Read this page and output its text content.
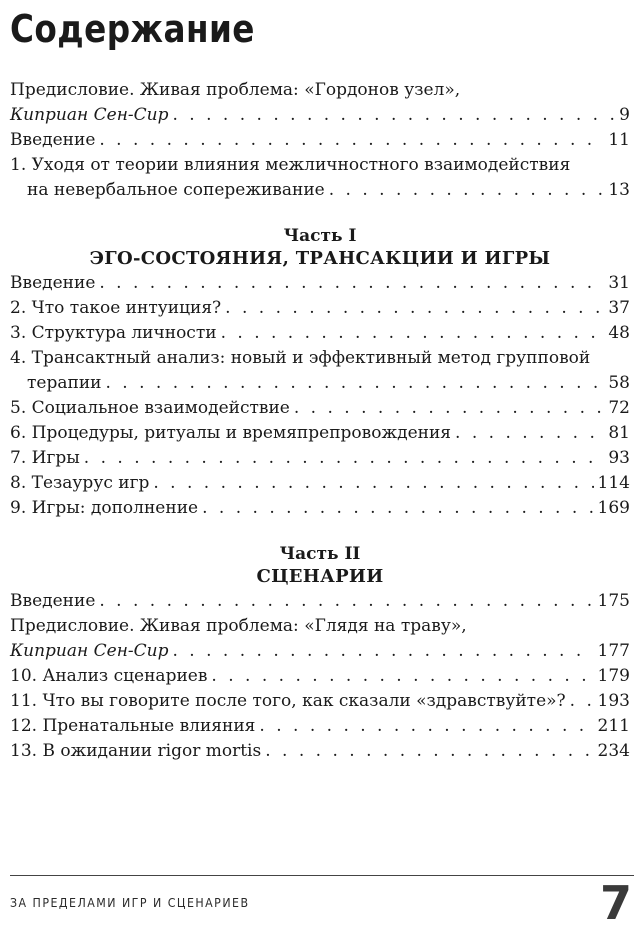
Содержание
Предисловие. Живая проблема: «Гордонов узел»,
Киприан Сен-Сир . . .	9
Введение . . .	11
1. Уходя от теории влияния межличностного взаимодействия
на невербальное сопереживание . . .	13
Часть I
ЭГО-СОСТОЯНИЯ, ТРАНСАКЦИИ И ИГРЫ
Введение . . .	31
2. Что такое интуиция? . . .	37
3. Структура личности . . .	48
4. Трансактный анализ: новый и эффективный метод групповой
терапии . . .	58
5. Социальное взаимодействие . . .	72
6. Процедуры, ритуалы и времяпрепровождения . . .	81
7. Игры . . .	93
8. Тезаурус игр . . .	114
9. Игры: дополнение . . .	169
Часть II
СЦЕНАРИИ
Введение . . .	175
Предисловие. Живая проблема: «Глядя на траву»,
Киприан Сен-Сир . . .	177
10. Анализ сценариев . . .	179
11. Что вы говорите после того, как сказали «здравствуйте»? . . . 193
12. Пренатальные влияния . . .	211
13. В ожидании rigor mortis . . .	234
ЗА ПРЕДЕЛАМИ ИГР И СЦЕНАРИЕВ	7
